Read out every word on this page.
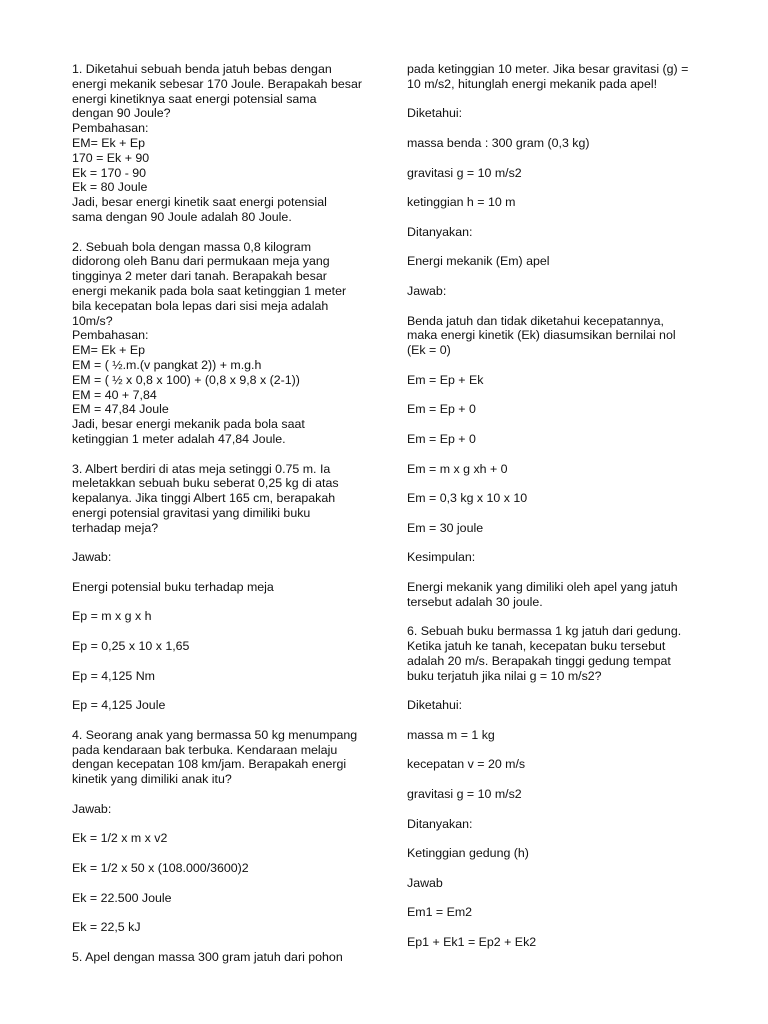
1. Diketahui sebuah benda jatuh bebas dengan
energi mekanik sebesar 170 Joule. Berapakah besar
energi kinetiknya saat energi potensial sama
dengan 90 Joule?
Pembahasan:
EM= Ek + Ep
170 = Ek + 90
Ek = 170 - 90
Ek = 80 Joule
Jadi, besar energi kinetik saat energi potensial
sama dengan 90 Joule adalah 80 Joule.
2. Sebuah bola dengan massa 0,8 kilogram
didorong oleh Banu dari permukaan meja yang
tingginya 2 meter dari tanah. Berapakah besar
energi mekanik pada bola saat ketinggian 1 meter
bila kecepatan bola lepas dari sisi meja adalah
10m/s?
Pembahasan:
EM= Ek + Ep
EM = ( ½.m.(v pangkat 2)) + m.g.h
EM = ( ½ x 0,8 x 100) + (0,8 x 9,8 x (2-1))
EM = 40 + 7,84
EM = 47,84 Joule
Jadi, besar energi mekanik pada bola saat
ketinggian 1 meter adalah 47,84 Joule.
3. Albert berdiri di atas meja setinggi 0.75 m. Ia
meletakkan sebuah buku seberat 0,25 kg di atas
kepalanya. Jika tinggi Albert 165 cm, berapakah
energi potensial gravitasi yang dimiliki buku
terhadap meja?
Jawab:
Energi potensial buku terhadap meja
Ep = m x g x h
Ep = 0,25 x 10 x 1,65
Ep = 4,125 Nm
Ep = 4,125 Joule
4. Seorang anak yang bermassa 50 kg menumpang
pada kendaraan bak terbuka. Kendaraan melaju
dengan kecepatan 108 km/jam. Berapakah energi
kinetik yang dimiliki anak itu?
Jawab:
Ek = 1/2 x m x v2
Ek = 1/2 x 50 x (108.000/3600)2
Ek = 22.500 Joule
Ek = 22,5 kJ
5. Apel dengan massa 300 gram jatuh dari pohon
pada ketinggian 10 meter. Jika besar gravitasi (g) =
10 m/s2, hitunglah energi mekanik pada apel!
Diketahui:
massa benda : 300 gram (0,3 kg)
gravitasi g = 10 m/s2
ketinggian h = 10 m
Ditanyakan:
Energi mekanik (Em) apel
Jawab:
Benda jatuh dan tidak diketahui kecepatannya,
maka energi kinetik (Ek) diasumsikan bernilai nol
(Ek = 0)
Em = Ep + Ek
Em = Ep + 0
Em = Ep + 0
Em = m x g xh + 0
Em = 0,3 kg x 10 x 10
Em = 30 joule
Kesimpulan:
Energi mekanik yang dimiliki oleh apel yang jatuh
tersebut adalah 30 joule.
6. Sebuah buku bermassa 1 kg jatuh dari gedung.
Ketika jatuh ke tanah, kecepatan buku tersebut
adalah 20 m/s. Berapakah tinggi gedung tempat
buku terjatuh jika nilai g = 10 m/s2?
Diketahui:
massa m = 1 kg
kecepatan v = 20 m/s
gravitasi g = 10 m/s2
Ditanyakan:
Ketinggian gedung (h)
Jawab
Em1 = Em2
Ep1 + Ek1 = Ep2 + Ek2
